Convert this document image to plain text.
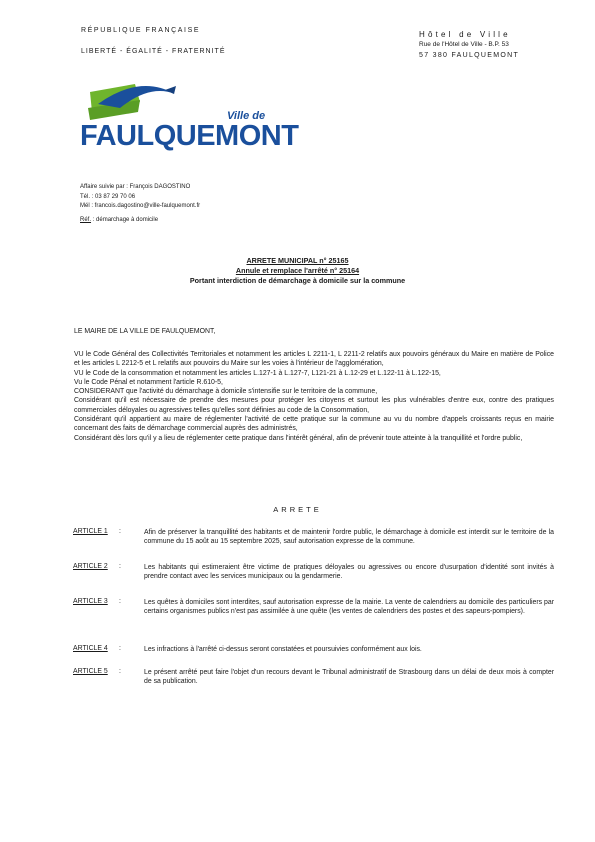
RÉPUBLIQUE FRANÇAISE
LIBERTÉ - ÉGALITÉ - FRATERNITÉ
Hôtel de Ville
Rue de l'Hôtel de Ville - B.P. 53
57 380 FAULQUEMONT
Ville de
FAULQUEMONT
Affaire suivie par : François DAGOSTINO
Tél. : 03 87 29 70 06
Mél : francois.dagostino@ville-faulquemont.fr
Réf. : démarchage à domicile
ARRETE MUNICIPAL n° 25165
Annule et remplace l'arrêté n° 25164
Portant interdiction de démarchage à domicile sur la commune
LE MAIRE DE LA VILLE DE FAULQUEMONT,
VU le Code Général des Collectivités Territoriales et notamment les articles L 2211-1, L 2211-2 relatifs aux pouvoirs généraux du Maire en matière de Police et les articles L 2212-5 et L relatifs aux pouvoirs du Maire sur les voies à l'intérieur de l'agglomération,
VU le Code de la consommation et notamment les articles L.127-1 à L.127-7, L121-21 à L.12-29 et L.122-11 à L.122-15,
Vu le Code Pénal et notamment l'article R.610-5,
CONSIDERANT que l'activité du démarchage à domicile s'intensifie sur le territoire de la commune,
Considérant qu'il est nécessaire de prendre des mesures pour protéger les citoyens et surtout les plus vulnérables d'entre eux, contre des pratiques commerciales déloyales ou agressives telles qu'elles sont définies au code de la Consommation,
Considérant qu'il appartient au maire de réglementer l'activité de cette pratique sur la commune au vu du nombre d'appels croissants reçus en mairie concernant des faits de démarchage commercial auprès des administrés,
Considérant dès lors qu'il y a lieu de réglementer cette pratique dans l'intérêt général, afin de prévenir toute atteinte à la tranquillité et l'ordre public,
ARRETE
ARTICLE 1 :	Afin de préserver la tranquillité des habitants et de maintenir l'ordre public, le démarchage à domicile est interdit sur le territoire de la commune du 15 août au 15 septembre 2025, sauf autorisation expresse de la commune.
ARTICLE 2 :	Les habitants qui estimeraient être victime de pratiques déloyales ou agressives ou encore d'usurpation d'identité sont invités à prendre contact avec les services municipaux ou la gendarmerie.
ARTICLE 3 :	Les quêtes à domiciles sont interdites, sauf autorisation expresse de la mairie. La vente de calendriers au domicile des particuliers par certains organismes publics n'est pas assimilée à une quête (les ventes de calendriers des postes et des sapeurs-pompiers).
ARTICLE 4 :	Les infractions à l'arrêté ci-dessus seront constatées et poursuivies conformément aux lois.
ARTICLE 5 :	Le présent arrêté peut faire l'objet d'un recours devant le Tribunal administratif de Strasbourg dans un délai de deux mois à compter de sa publication.
